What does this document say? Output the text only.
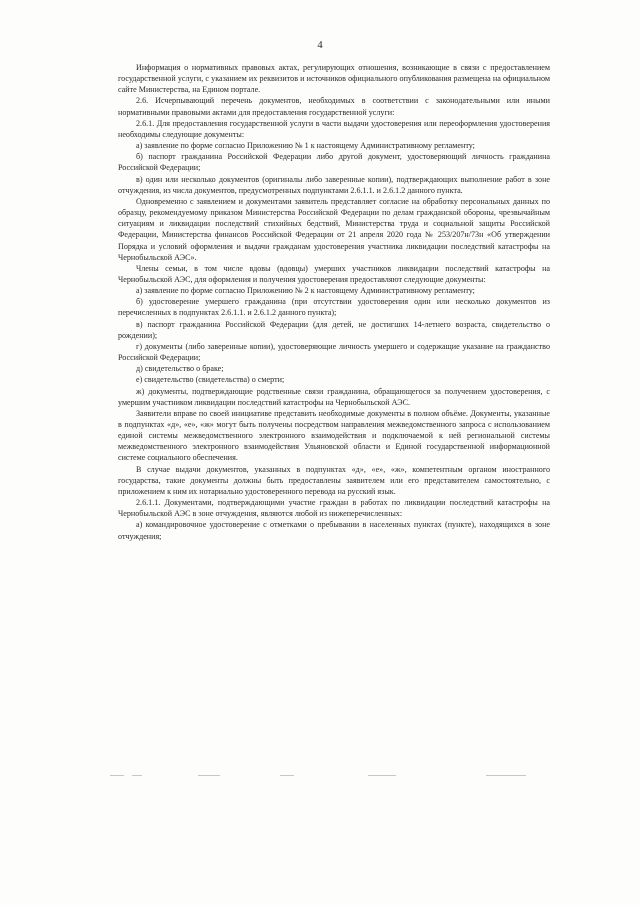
4

Информация о нормативных правовых актах, регулирующих отношения, возникающие в связи с предоставлением государственной услуги, с указанием их реквизитов и источников официального опубликования размещена на официальном сайте Министерства, на Едином портале.

2.6. Исчерпывающий перечень документов, необходимых в соответствии с законодательными или иными нормативными правовыми актами для предоставления государственной услуги:

2.6.1. Для предоставления государственной услуги в части выдачи удостоверения или переоформления удостоверения необходимы следующие документы:

а) заявление по форме согласно Приложению № 1 к настоящему Административному регламенту;

б) паспорт гражданина Российской Федерации либо другой документ, удостоверяющий личность гражданина Российской Федерации;

в) один или несколько документов (оригиналы либо заверенные копии), подтверждающих выполнение работ в зоне отчуждения, из числа документов, предусмотренных подпунктами 2.6.1.1. и 2.6.1.2 данного пункта.

Одновременно с заявлением и документами заявитель представляет согласие на обработку персональных данных по образцу, рекомендуемому приказом Министерства Российской Федерации по делам гражданской обороны, чрезвычайным ситуациям и ликвидации последствий стихийных бедствий, Министерства труда и социальной защиты Российской Федерации, Министерства финансов Российской Федерации от 21 апреля 2020 года № 253/207н/73н «Об утверждении Порядка и условий оформления и выдачи гражданам удостоверения участника ликвидации последствий катастрофы на Чернобыльской АЭС».

Члены семьи, в том числе вдовы (вдовцы) умерших участников ликвидации последствий катастрофы на Чернобыльской АЭС, для оформления и получения удостоверения предоставляют следующие документы:

а) заявление по форме согласно Приложению № 2 к настоящему Административному регламенту;

б) удостоверение умершего гражданина (при отсутствии удостоверения один или несколько документов из перечисленных в подпунктах 2.6.1.1. и 2.6.1.2 данного пункта);

в) паспорт гражданина Российской Федерации (для детей, не достигших 14-летнего возраста, свидетельство о рождении);

г) документы (либо заверенные копии), удостоверяющие личность умершего и содержащие указание на гражданство Российской Федерации;

д) свидетельство о браке;

е) свидетельство (свидетельства) о смерти;

ж) документы, подтверждающие родственные связи гражданина, обращающегося за получением удостоверения, с умершим участником ликвидации последствий катастрофы на Чернобыльской АЭС.

Заявители вправе по своей инициативе представить необходимые документы в полном объёме. Документы, указанные в подпунктах «д», «е», «ж» могут быть получены посредством направления межведомственного запроса с использованием единой системы межведомственного электронного взаимодействия и подключаемой к ней региональной системы межведомственного электронного взаимодействия Ульяновской области и Единой государственной информационной системе социального обеспечения.

В случае выдачи документов, указанных в подпунктах «д», «е», «ж», компетентным органом иностранного государства, такие документы должны быть предоставлены заявителем или его представителем самостоятельно, с приложением к ним их нотариально удостоверенного перевода на русский язык.

2.6.1.1. Документами, подтверждающими участие граждан в работах по ликвидации последствий катастрофы на Чернобыльской АЭС в зоне отчуждения, являются любой из нижеперечисленных:

а) командировочное удостоверение с отметками о пребывании в населенных пунктах (пункте), находящихся в зоне отчуждения;
